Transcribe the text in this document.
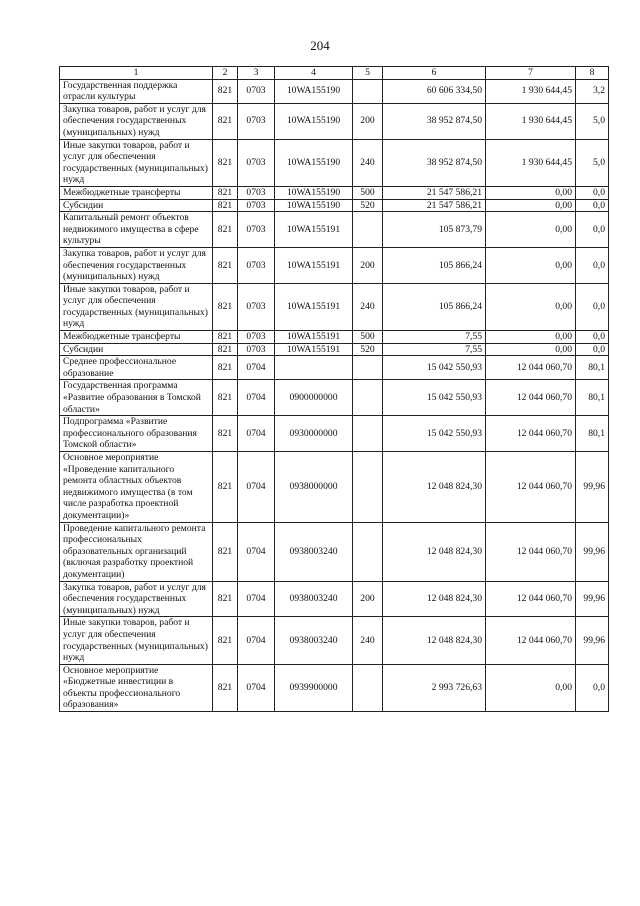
204
1	2	3	4	5	6	7	8
Государственная поддержка отрасли культуры	821	0703	10WA155190		60 606 334,50	1 930 644,45	3,2
Закупка товаров, работ и услуг для обеспечения государственных (муниципальных) нужд	821	0703	10WA155190	200	38 952 874,50	1 930 644,45	5,0
Иные закупки товаров, работ и услуг для обеспечения государственных (муниципальных) нужд	821	0703	10WA155190	240	38 952 874,50	1 930 644,45	5,0
Межбюджетные трансферты	821	0703	10WA155190	500	21 547 586,21	0,00	0,0
Субсидии	821	0703	10WA155190	520	21 547 586,21	0,00	0,0
Капитальный ремонт объектов недвижимого имущества в сфере культуры	821	0703	10WA155191		105 873,79	0,00	0,0
Закупка товаров, работ и услуг для обеспечения государственных (муниципальных) нужд	821	0703	10WA155191	200	105 866,24	0,00	0,0
Иные закупки товаров, работ и услуг для обеспечения государственных (муниципальных) нужд	821	0703	10WA155191	240	105 866,24	0,00	0,0
Межбюджетные трансферты	821	0703	10WA155191	500	7,55	0,00	0,0
Субсидии	821	0703	10WA155191	520	7,55	0,00	0,0
Среднее профессиональное образование	821	0704			15 042 550,93	12 044 060,70	80,1
Государственная программа «Развитие образования в Томской области»	821	0704	0900000000		15 042 550,93	12 044 060,70	80,1
Подпрограмма «Развитие профессионального образования Томской области»	821	0704	0930000000		15 042 550,93	12 044 060,70	80,1
Основное мероприятие «Проведение капитального ремонта областных объектов недвижимого имущества (в том числе разработка проектной документации)»	821	0704	0938000000		12 048 824,30	12 044 060,70	99,96
Проведение капитального ремонта профессиональных образовательных организаций (включая разработку проектной документации)	821	0704	0938003240		12 048 824,30	12 044 060,70	99,96
Закупка товаров, работ и услуг для обеспечения государственных (муниципальных) нужд	821	0704	0938003240	200	12 048 824,30	12 044 060,70	99,96
Иные закупки товаров, работ и услуг для обеспечения государственных (муниципальных) нужд	821	0704	0938003240	240	12 048 824,30	12 044 060,70	99,96
Основное мероприятие «Бюджетные инвестиции в объекты профессионального образования»	821	0704	0939900000		2 993 726,63	0,00	0,0
